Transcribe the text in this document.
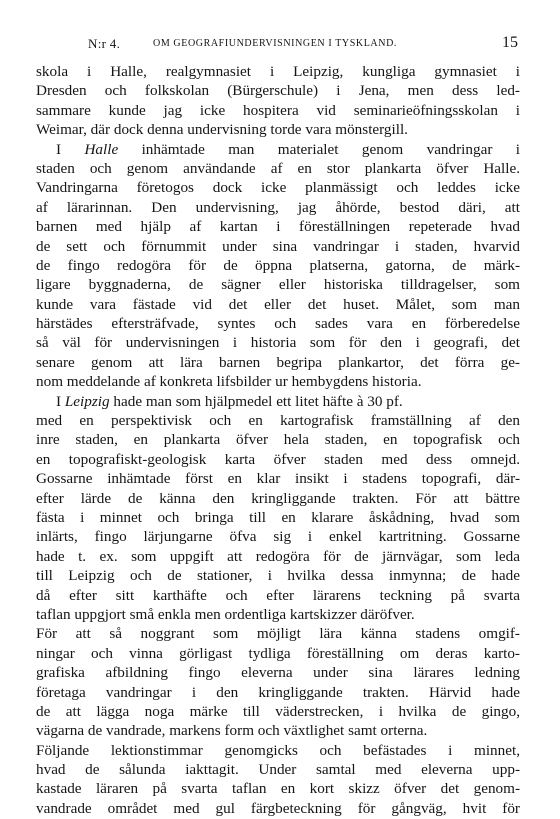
N:r 4.	OM GEOGRAFIUNDERVISNINGEN I TYSKLAND.	15
skola i Halle, realgymnasiet i Leipzig, kungliga gymnasiet i
Dresden och folkskolan (Bürgerschule) i Jena, men dess led-
sammare kunde jag icke hospitera vid seminarieöfningsskolan i
Weimar, där dock denna undervisning torde vara mönstergill.
I Halle inhämtade man materialet genom vandringar i
staden och genom användande af en stor plankarta öfver Halle.
Vandringarna företogos dock icke planmässigt och leddes icke
af lärarinnan. Den undervisning, jag åhörde, bestod däri, att
barnen med hjälp af kartan i föreställningen repeterade hvad
de sett och förnummit under sina vandringar i staden, hvarvid
de fingo redogöra för de öppna platserna, gatorna, de märk-
ligare byggnaderna, de sägner eller historiska tilldragelser, som
kunde vara fästade vid det eller det huset. Målet, som man
härstädes eftersträfvade, syntes och sades vara en förberedelse
så väl för undervisningen i historia som för den i geografi, det
senare genom att lära barnen begripa plankartor, det förra ge-
nom meddelande af konkreta lifsbilder ur hembygdens historia.
I Leipzig hade man som hjälpmedel ett litet häfte à 30 pf.
med en perspektivisk och en kartografisk framställning af den
inre staden, en plankarta öfver hela staden, en topografisk och
en topografiskt-geologisk karta öfver staden med dess omnejd.
Gossarne inhämtade först en klar insikt i stadens topografi, där-
efter lärde de känna den kringliggande trakten. För att bättre
fästa i minnet och bringa till en klarare åskådning, hvad som
inlärts, fingo lärjungarne öfva sig i enkel kartritning. Gossarne
hade t. ex. som uppgift att redogöra för de järnvägar, som leda
till Leipzig och de stationer, i hvilka dessa inmynna; de hade
då efter sitt karthäfte och efter lärarens teckning på svarta
taflan uppgjort små enkla men ordentliga kartskizzer däröfver.
För att så noggrant som möjligt lära känna stadens omgif-
ningar och vinna görligast tydliga föreställning om deras karto-
grafiska afbildning fingo eleverna under sina lärares ledning
företaga vandringar i den kringliggande trakten. Härvid hade
de att lägga noga märke till väderstrecken, i hvilka de gingo,
vägarna de vandrade, markens form och växtlighet samt orterna.
Följande lektionstimmar genomgicks och befästades i minnet,
hvad de sålunda iakttagit. Under samtal med eleverna upp-
kastade läraren på svarta taflan en kort skizz öfver det genom-
vandrade området med gul färgbeteckning för gångväg, hvit för
